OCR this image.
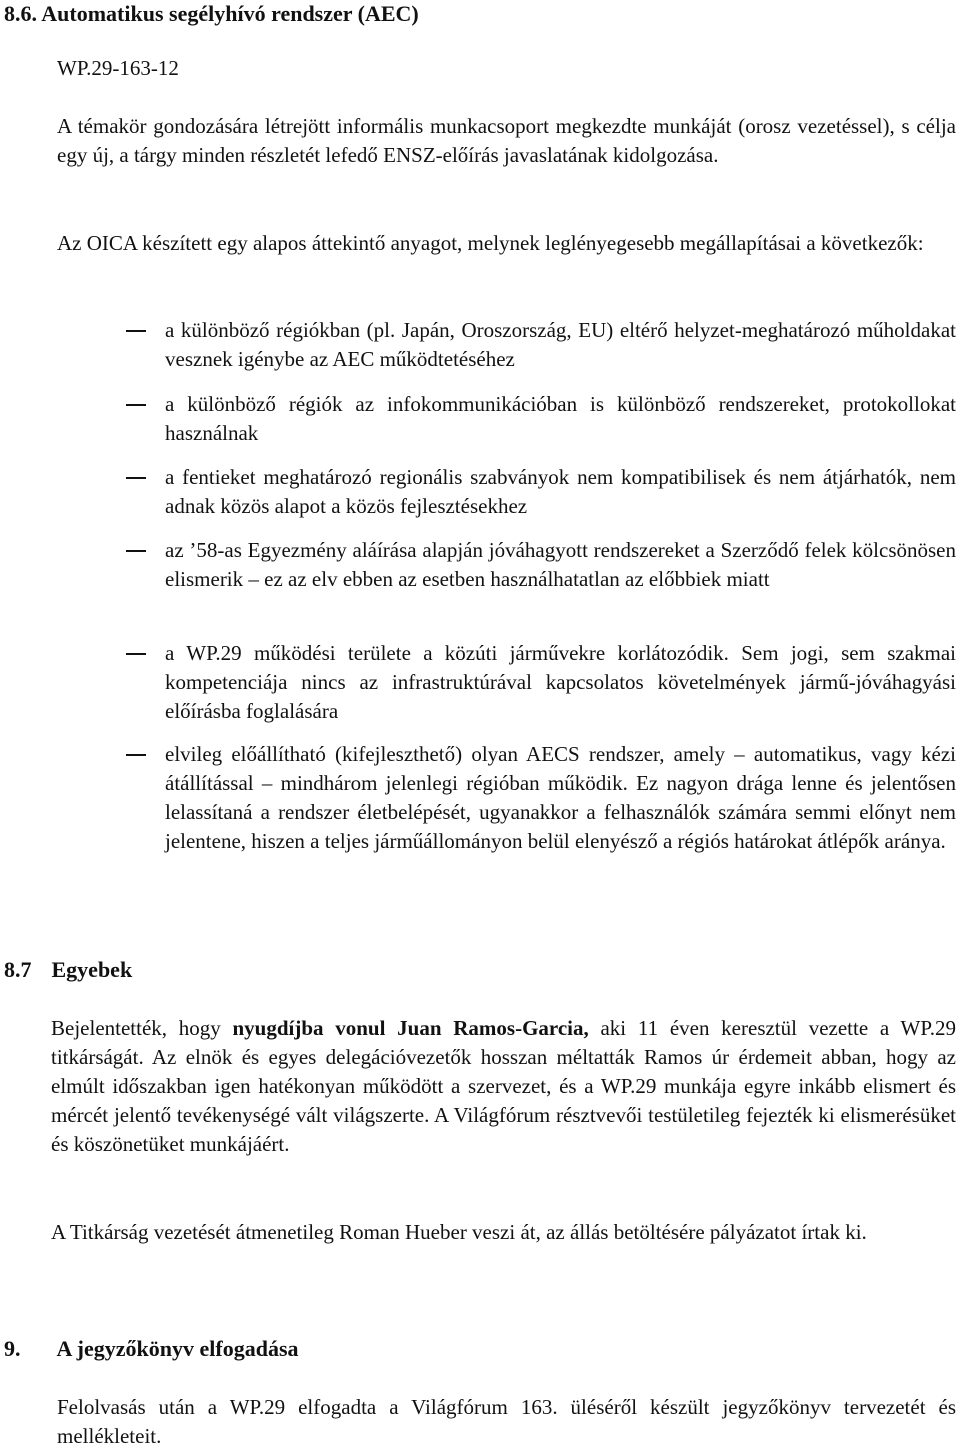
8.6. Automatikus segélyhívó rendszer (AEC)
WP.29-163-12
A témakör gondozására létrejött informális munkacsoport megkezdte munkáját (orosz vezetéssel), s célja egy új, a tárgy minden részletét lefedő ENSZ-előírás javaslatának kidolgozása.
Az OICA készített egy alapos áttekintő anyagot, melynek leglényegesebb megállapításai a következők:
a különböző régiókban (pl. Japán, Oroszország, EU) eltérő helyzet-meghatározó műholdakat vesznek igénybe az AEC működtetéséhez
a különböző régiók az infokommunikációban is különböző rendszereket, protokollokat használnak
a fentieket meghatározó regionális szabványok nem kompatibilisek és nem átjárhatók, nem adnak közös alapot a közös fejlesztésekhez
az ’58-as Egyezmény aláírása alapján jóváhagyott rendszereket a Szerződő felek kölcsönösen elismerik – ez az elv ebben az esetben használhatatlan az előbbiek miatt
a WP.29 működési területe a közúti járművekre korlátozódik. Sem jogi, sem szakmai kompetenciája nincs az infrastruktúrával kapcsolatos követelmények jármű-jóváhagyási előírásba foglalására
elvileg előállítható (kifejleszthető) olyan AECS rendszer, amely – automatikus, vagy kézi átállítással – mindhárom jelenlegi régióban működik. Ez nagyon drága lenne és jelentősen lelassítaná a rendszer életbelépését, ugyanakkor a felhasználók számára semmi előnyt nem jelentene, hiszen a teljes járműállományon belül elenyésző a régiós határokat átlépők aránya.
8.7 Egyebek
Bejelentették, hogy nyugdíjba vonul Juan Ramos-Garcia, aki 11 éven keresztül vezette a WP.29 titkárságát. Az elnök és egyes delegációvezetők hosszan méltatták Ramos úr érdemeit abban, hogy az elmúlt időszakban igen hatékonyan működött a szervezet, és a WP.29 munkája egyre inkább elismert és mércét jelentő tevékenységé vált világszerte. A Világfórum résztvevői testületileg fejezték ki elismerésüket és köszönetüket munkájáért.
A Titkárság vezetését átmenetileg Roman Hueber veszi át, az állás betöltésére pályázatot írtak ki.
9. A jegyzőkönyv elfogadása
Felolvasás után a WP.29 elfogadta a Világfórum 163. üléséről készült jegyzőkönyv tervezetét és mellékleteit.
